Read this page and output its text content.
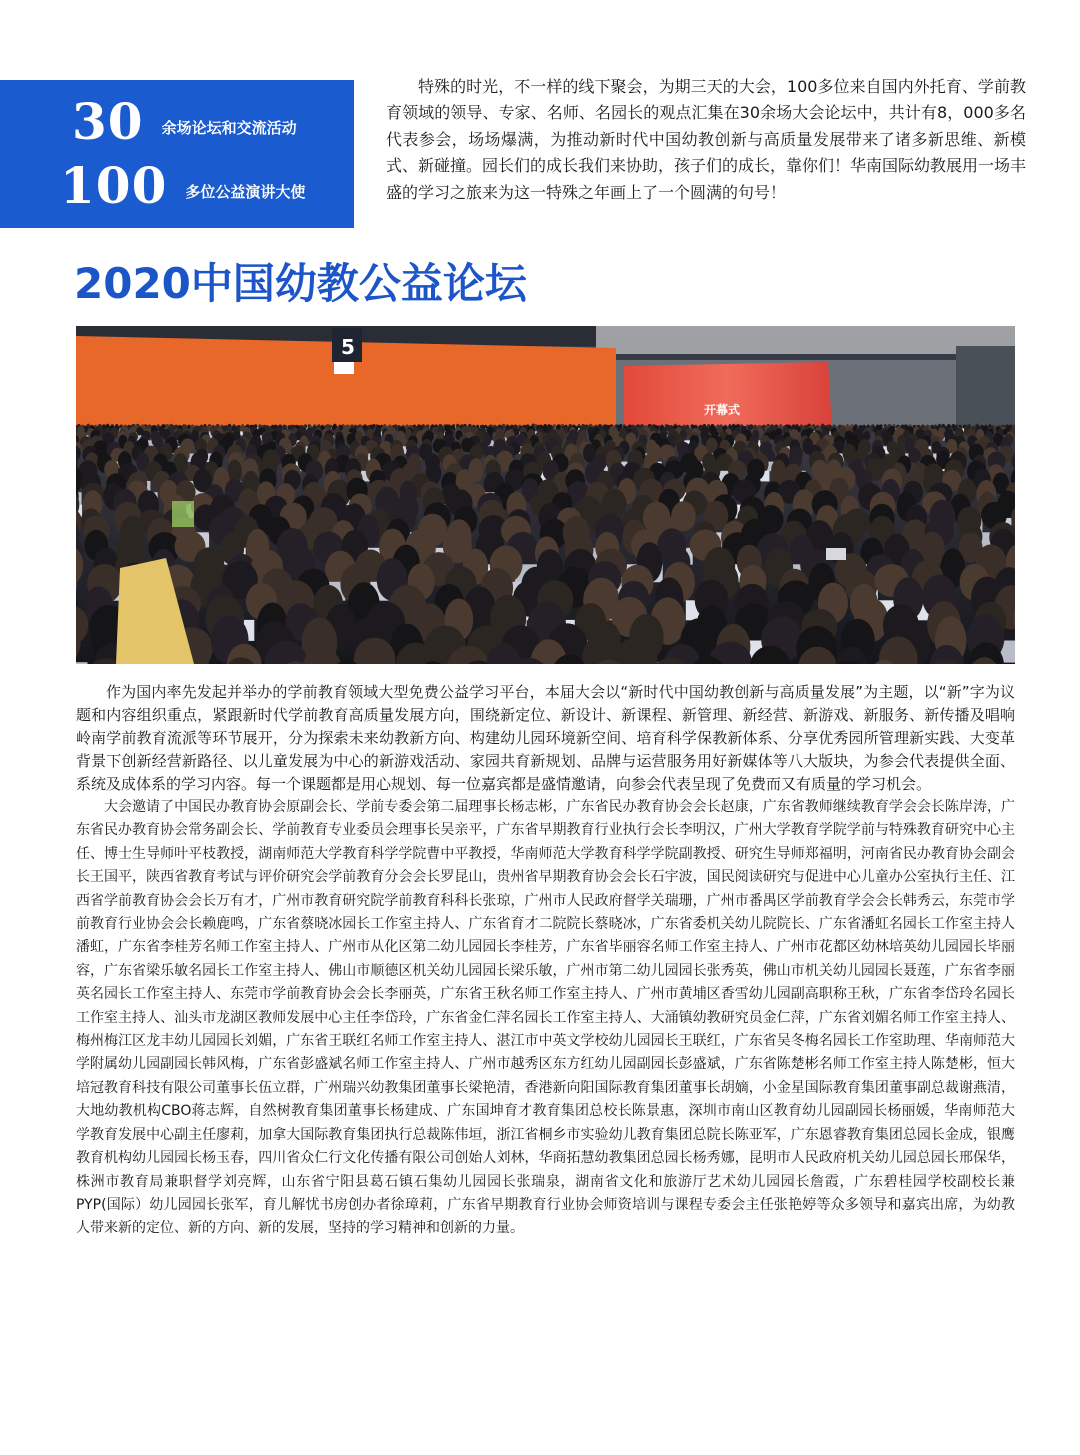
30 余场论坛和交流活动
100 多位公益演讲大使

特殊的时光，不一样的线下聚会，为期三天的大会，100多位来自国内外托育、学前教育领域的领导、专家、名师、名园长的观点汇集在30余场大会论坛中，共计有8，000多名代表参会，场场爆满，为推动新时代中国幼教创新与高质量发展带来了诸多新思维、新模式、新碰撞。园长们的成长我们来协助，孩子们的成长，靠你们！华南国际幼教展用一场丰盛的学习之旅来为这一特殊之年画上了一个圆满的句号！

2020中国幼教公益论坛
开幕式
5

作为国内率先发起并举办的学前教育领域大型免费公益学习平台，本届大会以“新时代中国幼教创新与高质量发展”为主题，以“新”字为议题和内容组织重点，紧跟新时代学前教育高质量发展方向，围绕新定位、新设计、新课程、新管理、新经营、新游戏、新服务、新传播及唱响岭南学前教育流派等环节展开，分为探索未来幼教新方向、构建幼儿园环境新空间、培育科学保教新体系、分享优秀园所管理新实践、大变革背景下创新经营新路径、以儿童发展为中心的新游戏活动、家园共育新规划、品牌与运营服务用好新媒体等八大版块，为参会代表提供全面、系统及成体系的学习内容。每一个课题都是用心规划、每一位嘉宾都是盛情邀请，向参会代表呈现了免费而又有质量的学习机会。

大会邀请了中国民办教育协会原副会长、学前专委会第二届理事长杨志彬，广东省民办教育协会会长赵康，广东省教师继续教育学会会长陈岸涛，广东省民办教育协会常务副会长、学前教育专业委员会理事长吴亲平，广东省早期教育行业执行会长李明汉，广州大学教育学院学前与特殊教育研究中心主任、博士生导师叶平枝教授，湖南师范大学教育科学学院曹中平教授，华南师范大学教育科学学院副教授、研究生导师郑福明，河南省民办教育协会副会长王国平，陕西省教育考试与评价研究会学前教育分会会长罗昆山，贵州省早期教育协会会长石宇波，国民阅读研究与促进中心儿童办公室执行主任、江西省学前教育协会会长万有才，广州市教育研究院学前教育科科长张琼，广州市人民政府督学关瑞珊，广州市番禺区学前教育学会会长韩秀云，东莞市学前教育行业协会会长赖鹿鸣，广东省蔡晓冰园长工作室主持人、广东省育才二院院长蔡晓冰，广东省委机关幼儿院院长、广东省潘虹名园长工作室主持人潘虹，广东省李桂芳名师工作室主持人、广州市从化区第二幼儿园园长李桂芳，广东省毕丽容名师工作室主持人、广州市花都区幼林培英幼儿园园长毕丽容，广东省梁乐敏名园长工作室主持人、佛山市顺德区机关幼儿园园长梁乐敏，广州市第二幼儿园园长张秀英，佛山市机关幼儿园园长聂莲，广东省李丽英名园长工作室主持人、东莞市学前教育协会会长李丽英，广东省王秋名师工作室主持人、广州市黄埔区香雪幼儿园副高职称王秋，广东省李岱玲名园长工作室主持人、汕头市龙湖区教师发展中心主任李岱玲，广东省金仁萍名园长工作室主持人、大涌镇幼教研究员金仁萍，广东省刘媚名师工作室主持人、梅州梅江区龙丰幼儿园园长刘媚，广东省王联红名师工作室主持人、湛江市中英文学校幼儿园园长王联红，广东省吴冬梅名园长工作室助理、华南师范大学附属幼儿园副园长韩风梅，广东省彭盛斌名师工作室主持人、广州市越秀区东方红幼儿园副园长彭盛斌，广东省陈楚彬名师工作室主持人陈楚彬，恒大培冠教育科技有限公司董事长伍立群，广州瑞兴幼教集团董事长梁艳清，香港新向阳国际教育集团董事长胡嫡，小金星国际教育集团董事副总裁谢燕清，大地幼教机构CBO蒋志辉，自然树教育集团董事长杨建成、广东国坤育才教育集团总校长陈景惠，深圳市南山区教育幼儿园副园长杨丽媛，华南师范大学教育发展中心副主任廖莉，加拿大国际教育集团执行总裁陈伟垣，浙江省桐乡市实验幼儿教育集团总院长陈亚军，广东恩睿教育集团总园长金成，银鹰教育机构幼儿园园长杨玉春，四川省众仁行文化传播有限公司创始人刘林，华商拓慧幼教集团总园长杨秀娜，昆明市人民政府机关幼儿园总园长邢保华，株洲市教育局兼职督学刘亮辉，山东省宁阳县葛石镇石集幼儿园园长张瑞泉，湖南省文化和旅游厅艺术幼儿园园长詹霞，广东碧桂园学校副校长兼PYP(国际）幼儿园园长张军，育儿解忧书房创办者徐璋莉，广东省早期教育行业协会师资培训与课程专委会主任张艳婷等众多领导和嘉宾出席，为幼教人带来新的定位、新的方向、新的发展，坚持的学习精神和创新的力量。
